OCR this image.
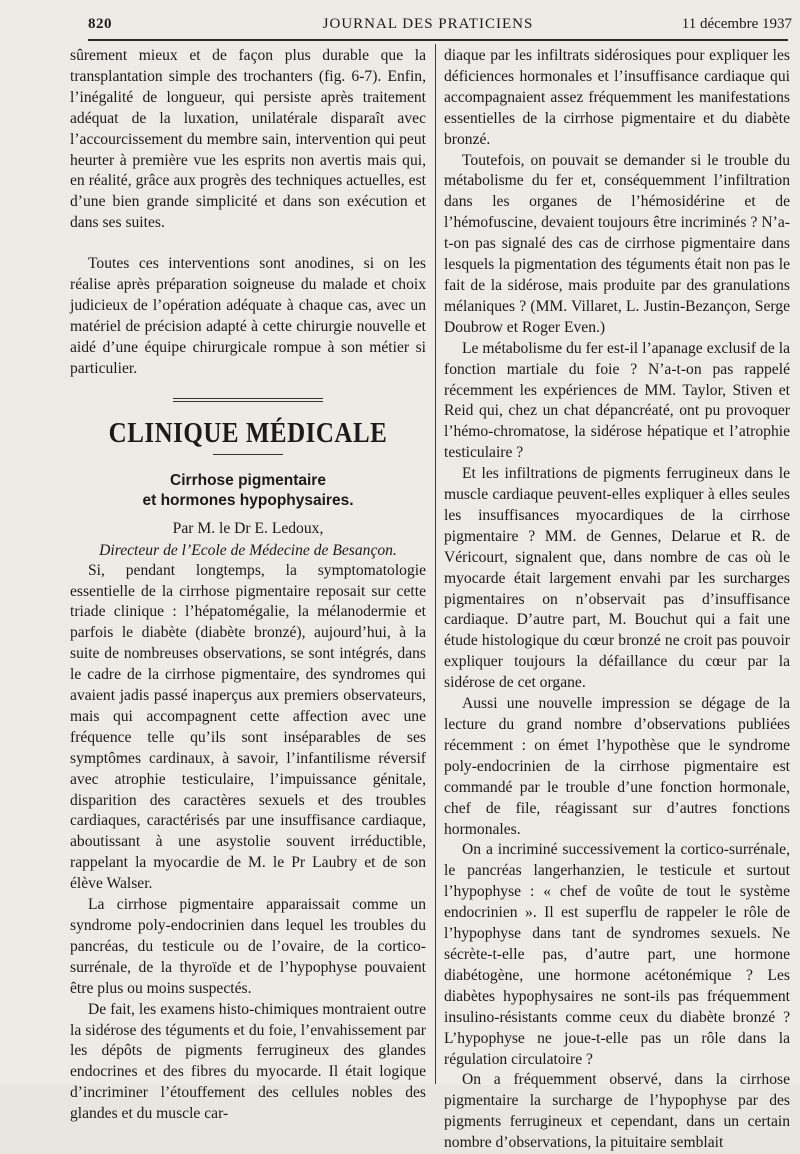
820	JOURNAL DES PRATICIENS	11 décembre 1937

sûrement mieux et de façon plus durable que la transplantation simple des trochanters (fig. 6-7). Enfin, l’inégalité de longueur, qui persiste après traitement adéquat de la luxation, unilatérale disparaît avec l’accourcissement du membre sain, intervention qui peut heurter à première vue les esprits non avertis mais qui, en réalité, grâce aux progrès des techniques actuelles, est d’une bien grande simplicité et dans son exécution et dans ses suites.

Toutes ces interventions sont anodines, si on les réalise après préparation soigneuse du malade et choix judicieux de l’opération adéquate à chaque cas, avec un matériel de précision adapté à cette chirurgie nouvelle et aidé d’une équipe chirurgicale rompue à son métier si particulier.

CLINIQUE MÉDICALE
Cirrhose pigmentaire
et hormones hypophysaires.
Par M. le Dr E. Ledoux,
Directeur de l’Ecole de Médecine de Besançon.

Si, pendant longtemps, la symptomatologie essentielle de la cirrhose pigmentaire reposait sur cette triade clinique : l’hépatomégalie, la mélanodermie et parfois le diabète (diabète bronzé), aujourd’hui, à la suite de nombreuses observations, se sont intégrés, dans le cadre de la cirrhose pigmentaire, des syndromes qui avaient jadis passé inaperçus aux premiers observateurs, mais qui accompagnent cette affection avec une fréquence telle qu’ils sont inséparables de ses symptômes cardinaux, à savoir, l’infantilisme réversif avec atrophie testiculaire, l’impuissance génitale, disparition des caractères sexuels et des troubles cardiaques, caractérisés par une insuffisance cardiaque, aboutissant à une asystolie souvent irréductible, rappelant la myocardie de M. le Pr Laubry et de son élève Walser.

La cirrhose pigmentaire apparaissait comme un syndrome poly-endocrinien dans lequel les troubles du pancréas, du testicule ou de l’ovaire, de la cortico-surrénale, de la thyroïde et de l’hypophyse pouvaient être plus ou moins suspectés.

De fait, les examens histo-chimiques montraient outre la sidérose des téguments et du foie, l’envahissement par les dépôts de pigments ferrugineux des glandes endocrines et des fibres du myocarde. Il était logique d’incriminer l’étouffement des cellules nobles des glandes et du muscle car-

diaque par les infiltrats sidérosiques pour expliquer les déficiences hormonales et l’insuffisance cardiaque qui accompagnaient assez fréquemment les manifestations essentielles de la cirrhose pigmentaire et du diabète bronzé.

Toutefois, on pouvait se demander si le trouble du métabolisme du fer et, conséquemment l’infiltration dans les organes de l’hémosidérine et de l’hémofuscine, devaient toujours être incriminés ? N’a-t-on pas signalé des cas de cirrhose pigmentaire dans lesquels la pigmentation des téguments était non pas le fait de la sidérose, mais produite par des granulations mélaniques ? (MM. Villaret, L. Justin-Bezançon, Serge Doubrow et Roger Even.)

Le métabolisme du fer est-il l’apanage exclusif de la fonction martiale du foie ? N’a-t-on pas rappelé récemment les expériences de MM. Taylor, Stiven et Reid qui, chez un chat dépancréaté, ont pu provoquer l’hémo-chromatose, la sidérose hépatique et l’atrophie testiculaire ?

Et les infiltrations de pigments ferrugineux dans le muscle cardiaque peuvent-elles expliquer à elles seules les insuffisances myocardiques de la cirrhose pigmentaire ? MM. de Gennes, Delarue et R. de Véricourt, signalent que, dans nombre de cas où le myocarde était largement envahi par les surcharges pigmentaires on n’observait pas d’insuffisance cardiaque. D’autre part, M. Bouchut qui a fait une étude histologique du cœur bronzé ne croit pas pouvoir expliquer toujours la défaillance du cœur par la sidérose de cet organe.

Aussi une nouvelle impression se dégage de la lecture du grand nombre d’observations publiées récemment : on émet l’hypothèse que le syndrome poly-endocrinien de la cirrhose pigmentaire est commandé par le trouble d’une fonction hormonale, chef de file, réagissant sur d’autres fonctions hormonales.

On a incriminé successivement la cortico-surrénale, le pancréas langerhanzien, le testicule et surtout l’hypophyse : « chef de voûte de tout le système endocrinien ». Il est superflu de rappeler le rôle de l’hypophyse dans tant de syndromes sexuels. Ne sécrète-t-elle pas, d’autre part, une hormone diabétogène, une hormone acétonémique ? Les diabètes hypophysaires ne sont-ils pas fréquemment insulino-résistants comme ceux du diabète bronzé ? L’hypophyse ne joue-t-elle pas un rôle dans la régulation circulatoire ?

On a fréquemment observé, dans la cirrhose pigmentaire la surcharge de l’hypophyse par des pigments ferrugineux et cependant, dans un certain nombre d’observations, la pituitaire semblait
